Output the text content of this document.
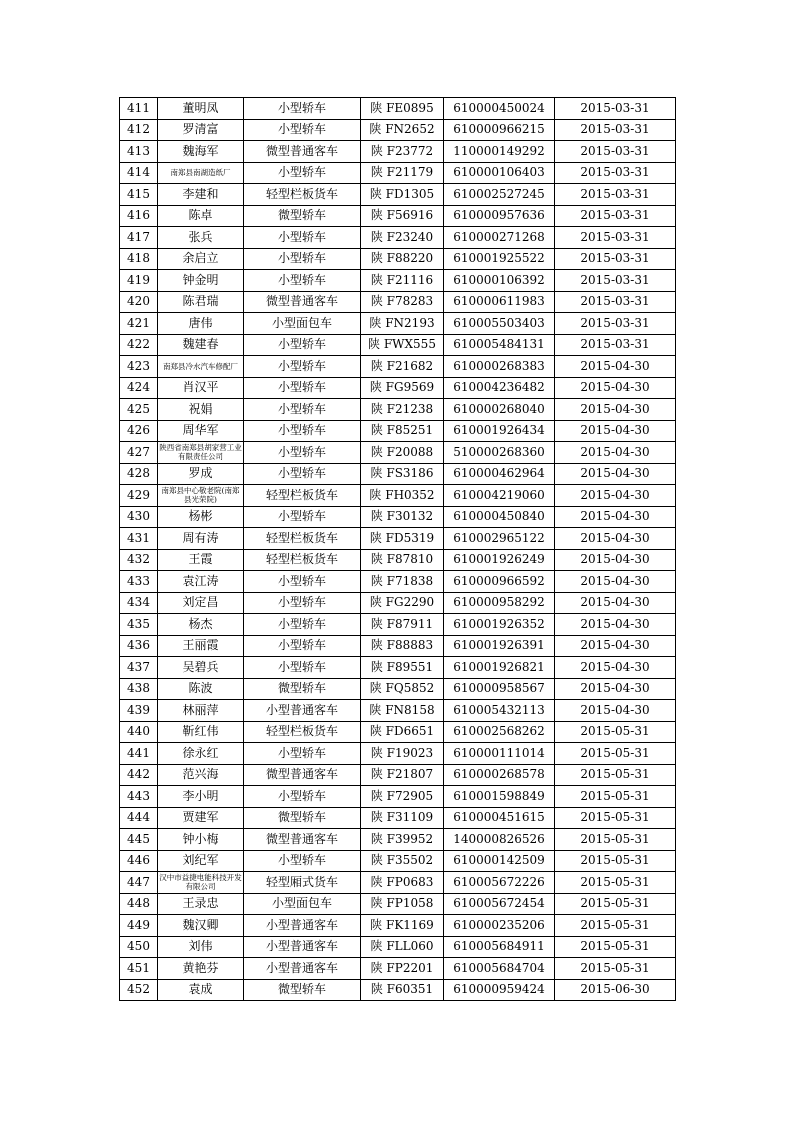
411	董明凤	小型轿车	陕 FE0895	610000450024	2015-03-31
412	罗清富	小型轿车	陕 FN2652	610000966215	2015-03-31
413	魏海军	微型普通客车	陕 F23772	110000149292	2015-03-31
414	南郑县南湖造纸厂	小型轿车	陕 F21179	610000106403	2015-03-31
415	李建和	轻型栏板货车	陕 FD1305	610002527245	2015-03-31
416	陈卓	微型轿车	陕 F56916	610000957636	2015-03-31
417	张兵	小型轿车	陕 F23240	610000271268	2015-03-31
418	余启立	小型轿车	陕 F88220	610001925522	2015-03-31
419	钟金明	小型轿车	陕 F21116	610000106392	2015-03-31
420	陈君瑞	微型普通客车	陕 F78283	610000611983	2015-03-31
421	唐伟	小型面包车	陕 FN2193	610005503403	2015-03-31
422	魏建春	小型轿车	陕 FWX555	610005484131	2015-03-31
423	南郑县冷水汽车修配厂	小型轿车	陕 F21682	610000268383	2015-04-30
424	肖汉平	小型轿车	陕 FG9569	610004236482	2015-04-30
425	祝娟	小型轿车	陕 F21238	610000268040	2015-04-30
426	周华军	小型轿车	陕 F85251	610001926434	2015-04-30
427	陕西省南郑县胡家营工业有限责任公司	小型轿车	陕 F20088	510000268360	2015-04-30
428	罗成	小型轿车	陕 FS3186	610000462964	2015-04-30
429	南郑县中心敬老院(南郑县光荣院)	轻型栏板货车	陕 FH0352	610004219060	2015-04-30
430	杨彬	小型轿车	陕 F30132	610000450840	2015-04-30
431	周有涛	轻型栏板货车	陕 FD5319	610002965122	2015-04-30
432	王霞	轻型栏板货车	陕 F87810	610001926249	2015-04-30
433	袁江涛	小型轿车	陕 F71838	610000966592	2015-04-30
434	刘定昌	小型轿车	陕 FG2290	610000958292	2015-04-30
435	杨杰	小型轿车	陕 F87911	610001926352	2015-04-30
436	王丽霞	小型轿车	陕 F88883	610001926391	2015-04-30
437	吴碧兵	小型轿车	陕 F89551	610001926821	2015-04-30
438	陈波	微型轿车	陕 FQ5852	610000958567	2015-04-30
439	林丽萍	小型普通客车	陕 FN8158	610005432113	2015-04-30
440	靳红伟	轻型栏板货车	陕 FD6651	610002568262	2015-05-31
441	徐永红	小型轿车	陕 F19023	610000111014	2015-05-31
442	范兴海	微型普通客车	陕 F21807	610000268578	2015-05-31
443	李小明	小型轿车	陕 F72905	610001598849	2015-05-31
444	贾建军	微型轿车	陕 F31109	610000451615	2015-05-31
445	钟小梅	微型普通客车	陕 F39952	140000826526	2015-05-31
446	刘纪军	小型轿车	陕 F35502	610000142509	2015-05-31
447	汉中市益捷电能科技开发有限公司	轻型厢式货车	陕 FP0683	610005672226	2015-05-31
448	王录忠	小型面包车	陕 FP1058	610005672454	2015-05-31
449	魏汉卿	小型普通客车	陕 FK1169	610000235206	2015-05-31
450	刘伟	小型普通客车	陕 FLL060	610005684911	2015-05-31
451	黄艳芬	小型普通客车	陕 FP2201	610005684704	2015-05-31
452	袁成	微型轿车	陕 F60351	610000959424	2015-06-30
